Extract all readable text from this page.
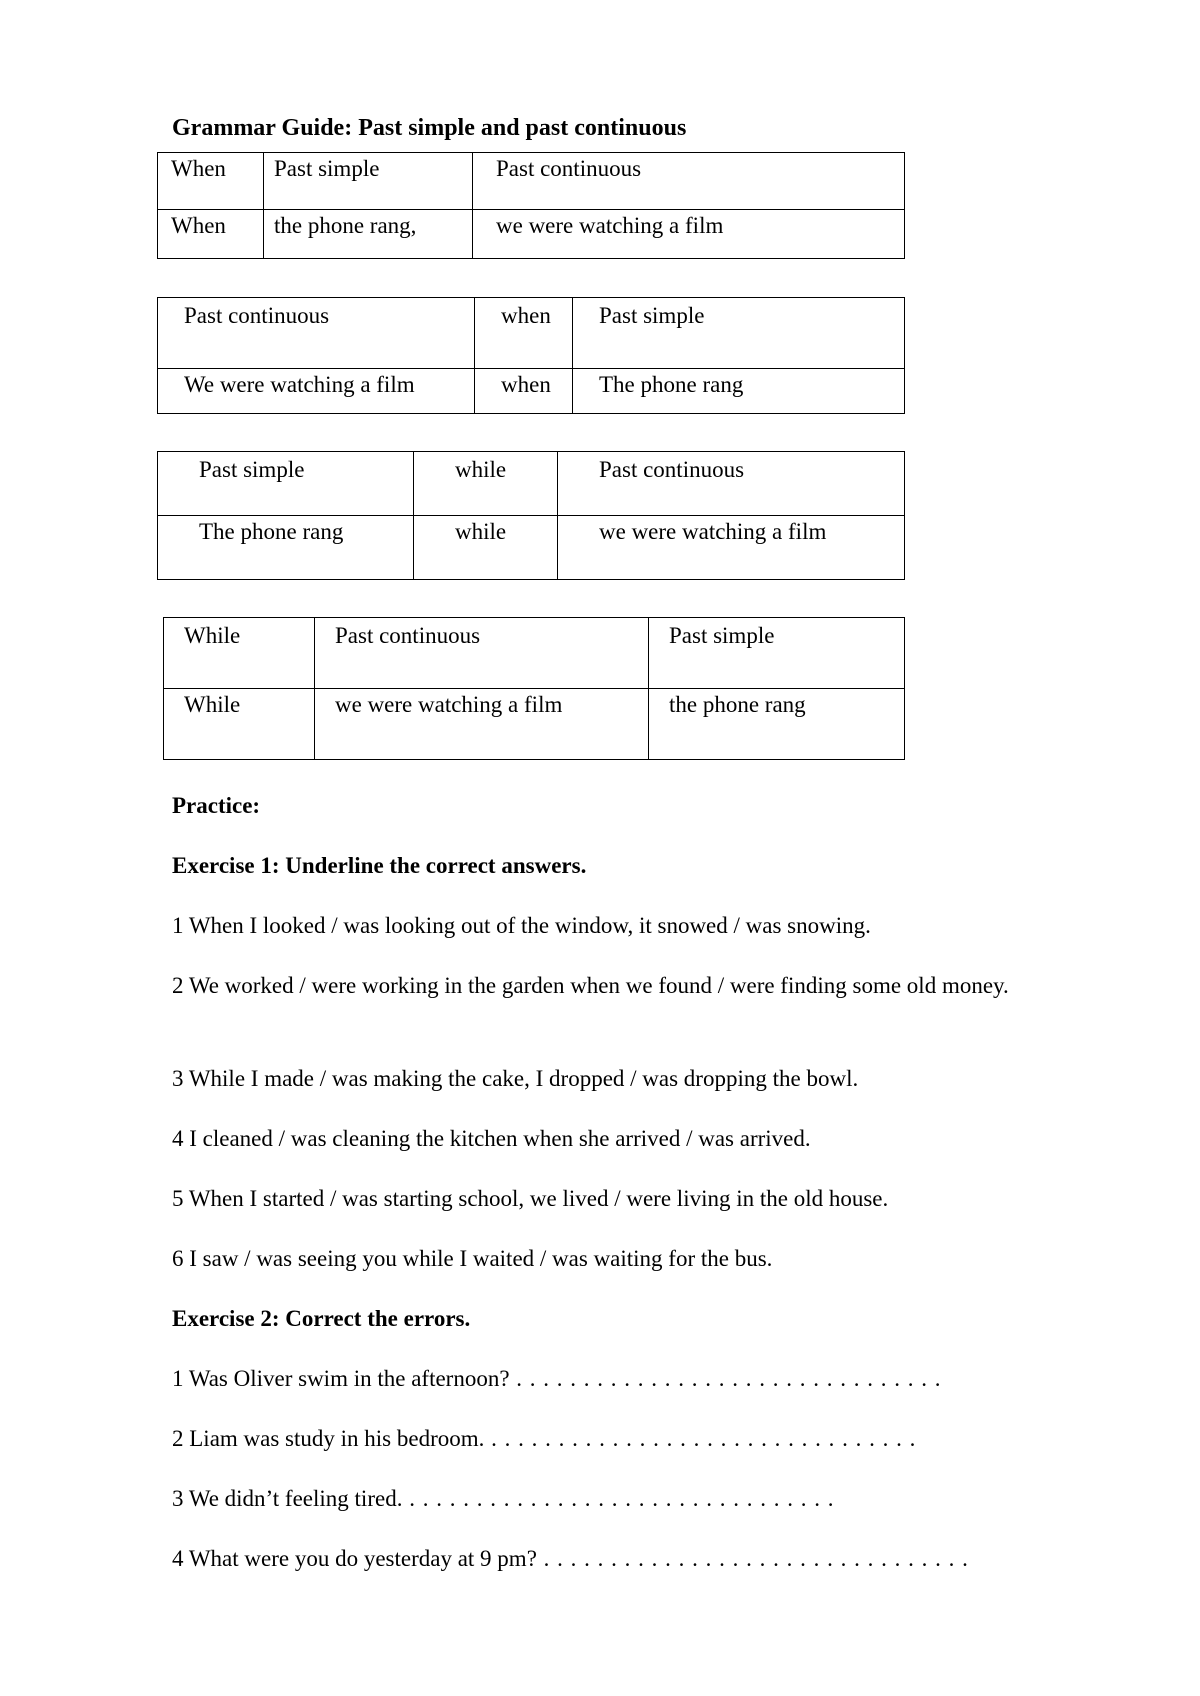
Grammar Guide: Past simple and past continuous
When	Past simple	Past continuous

When	the phone rang,	we were watching a film
Past continuous	when	Past simple

We were watching a film	when	The phone rang
Past simple	while	Past continuous

The phone rang	while	we were watching a film
While	Past continuous	Past simple

While	we were watching a film	the phone rang
Practice:
Exercise 1: Underline the correct answers.
1 When I looked / was looking out of the window, it snowed / was snowing.
2 We worked / were working in the garden when we found / were finding some old money.
3 While I made / was making the cake, I dropped / was dropping the bowl.
4 I cleaned / was cleaning the kitchen when she arrived / was arrived.
5 When I started / was starting school, we lived / were living in the old house.
6 I saw / was seeing you while I waited / was waiting for the bus.
Exercise 2: Correct the errors.
1 Was Oliver swim in the afternoon? . . . . . . . . . . . . . . . . . . . . . . . . . . . . . . . .
2 Liam was study in his bedroom. . . . . . . . . . . . . . . . . . . . . . . . . . . . . . . . .
3 We didn’t feeling tired. . . . . . . . . . . . . . . . . . . . . . . . . . . . . . . . .
4 What were you do yesterday at 9 pm? . . . . . . . . . . . . . . . . . . . . . . . . . . . . . . . .
